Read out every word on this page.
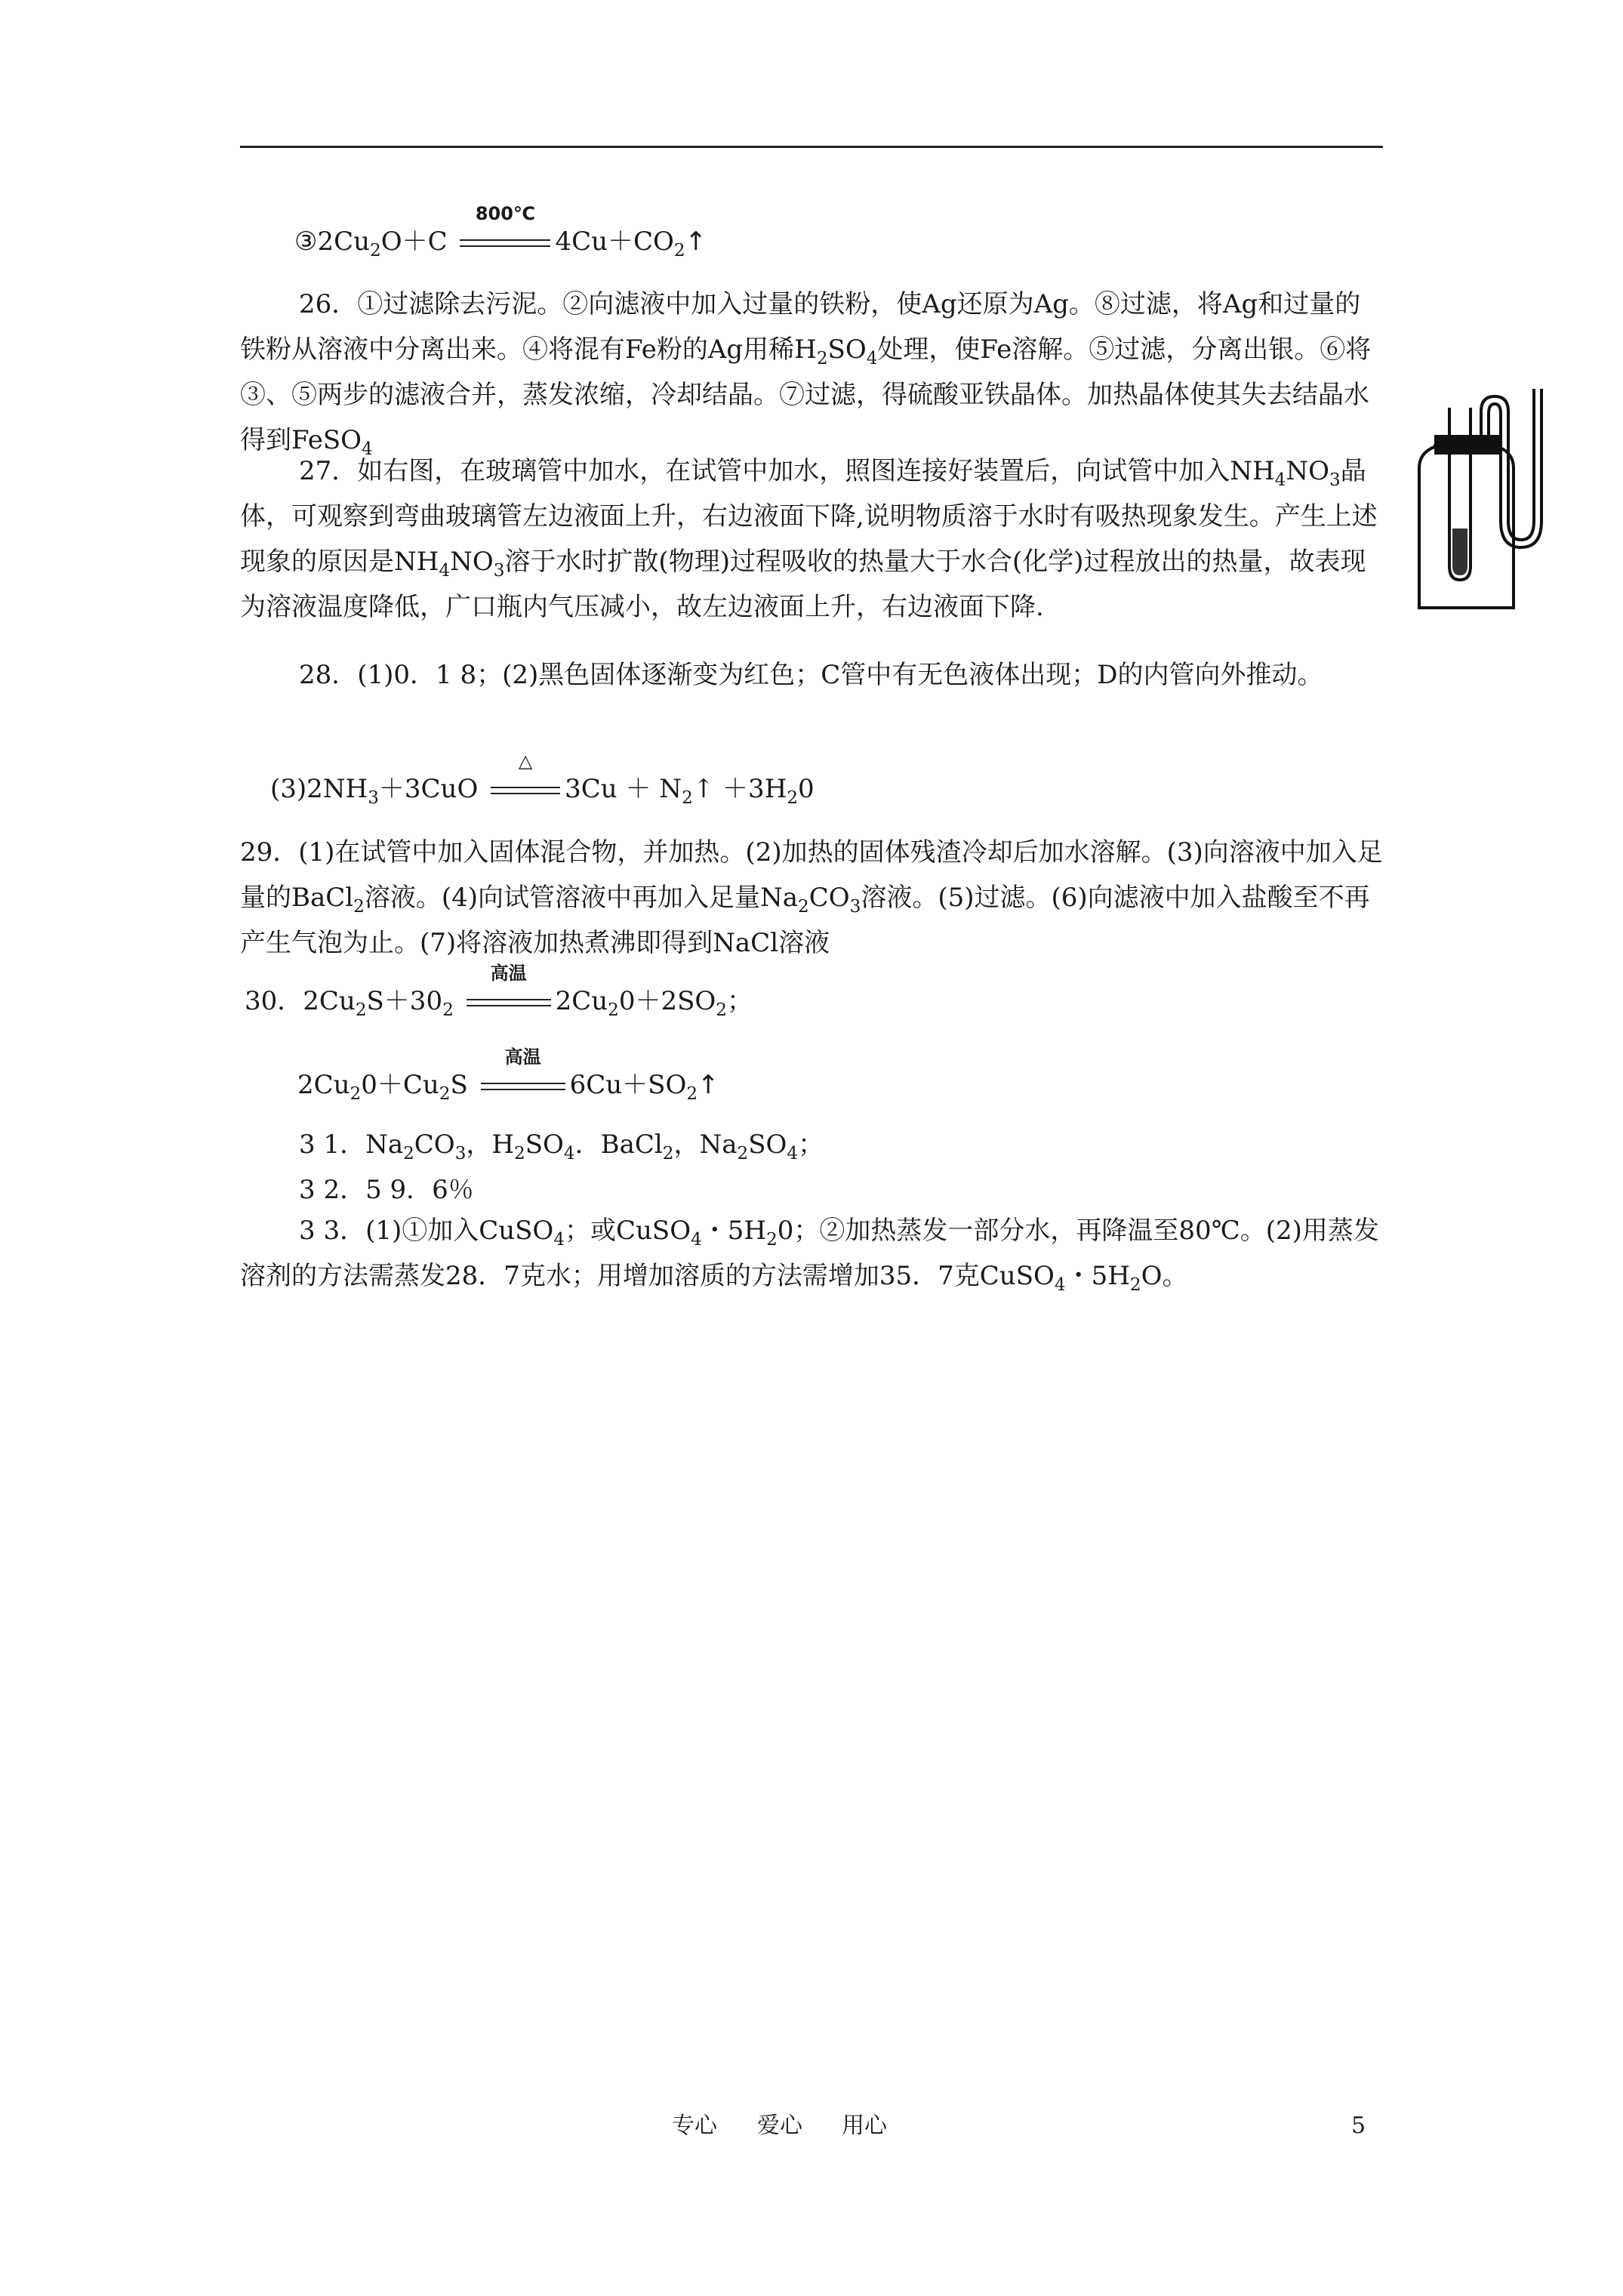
$③2Cu_2O+C$
800℃
$4Cu+CO_2↑$
26．①过滤除去污泥。②向滤液中加入过量的铁粉，使Ag还原为Ag。⑧过滤，将Ag和过量的铁粉从溶液中分离出来。④将混有Fe粉的Ag用稀$H_2SO_4$处理，使Fe溶解。⑤过滤，分离出银。⑥将③、⑤两步的滤液合并，蒸发浓缩，冷却结晶。⑦过滤，得硫酸亚铁晶体。加热晶体使其失去结晶水得到FeSO$_4$
27．如右图，在玻璃管中加水，在试管中加水，照图连接好装置后，向试管中加入$NH_4NO_3$晶体，可观察到弯曲玻璃管左边液面上升，右边液面下降,说明物质溶于水时有吸热现象发生。产生上述现象的原因是$NH_4NO_3$溶于水时扩散(物理)过程吸收的热量大于水合(化学)过程放出的热量，故表现为溶液温度降低，广口瓶内气压减小，故左边液面上升，右边液面下降.
28．(1)0．1 8；(2)黑色固体逐渐变为红色；C管中有无色液体出现；D的内管向外推动。
$(3)2NH_3+3CuO$
△
$3Cu + N_2↑ +3H_20$
29．(1)在试管中加入固体混合物，并加热。(2)加热的固体残渣冷却后加水溶解。(3)向溶液中加入足量的BaCl$_2$溶液。(4)向试管溶液中再加入足量$Na_2CO_3$溶液。(5)过滤。(6)向滤液中加入盐酸至不再产生气泡为止。(7)将溶液加热煮沸即得到NaCl溶液
30．$2Cu_2S+30_2$
高温
$2Cu_20+2SO_2$；
$2Cu_20+Cu_2S$
高温
$6Cu+SO_2↑$
3 1．$Na_2CO_3$，$H_2SO_4$．BaCl$_2$，$Na_2SO_4$；
3 2．5 9．6％
3 3．(1)①加入CuSO$_4$；或CuSO$_4$・$5H_20$；②加热蒸发一部分水，再降温至80℃。(2)用蒸发溶剂的方法需蒸发28．7克水；用增加溶质的方法需增加35．7克CuSO$_4$・$5H_2O$。
专心 爱心 用心	5
